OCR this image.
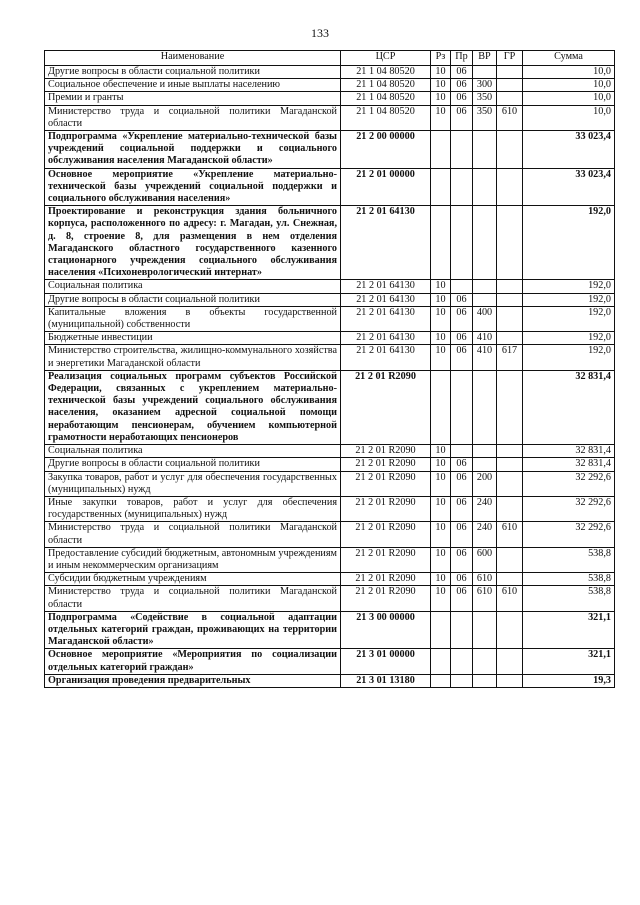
133
Наименование	ЦСР	Рз	Пр	ВР	ГР	Сумма
Другие вопросы в области социальной политики	21 1 04 80520	10	06			10,0
Социальное обеспечение и иные выплаты населению	21 1 04 80520	10	06	300		10,0
Премии и гранты	21 1 04 80520	10	06	350		10,0
Министерство труда и социальной политики Магаданской области	21 1 04 80520	10	06	350	610	10,0
Подпрограмма «Укрепление материально-технической базы учреждений социальной поддержки и социального обслуживания населения Магаданской области»	21 2 00 00000					33 023,4
Основное мероприятие «Укрепление материально-технической базы учреждений социальной поддержки и социального обслуживания населения»	21 2 01 00000					33 023,4
Проектирование и реконструкция здания больничного корпуса, расположенного по адресу: г. Магадан, ул. Снежная, д. 8, строение 8, для размещения в нем отделения Магаданского областного государственного казенного стационарного учреждения социального обслуживания населения «Психоневрологический интернат»	21 2 01 64130					192,0
Социальная политика	21 2 01 64130	10				192,0
Другие вопросы в области социальной политики	21 2 01 64130	10	06			192,0
Капитальные вложения в объекты государственной (муниципальной) собственности	21 2 01 64130	10	06	400		192,0
Бюджетные инвестиции	21 2 01 64130	10	06	410		192,0
Министерство строительства, жилищно-коммунального хозяйства и энергетики Магаданской области	21 2 01 64130	10	06	410	617	192,0
Реализация социальных программ субъектов Российской Федерации, связанных с укреплением материально-технической базы учреждений социального обслуживания населения, оказанием адресной социальной помощи неработающим пенсионерам, обучением компьютерной грамотности неработающих пенсионеров	21 2 01 R2090					32 831,4
Социальная политика	21 2 01 R2090	10				32 831,4
Другие вопросы в области социальной политики	21 2 01 R2090	10	06			32 831,4
Закупка товаров, работ и услуг для обеспечения государственных (муниципальных) нужд	21 2 01 R2090	10	06	200		32 292,6
Иные закупки товаров, работ и услуг для обеспечения государственных (муниципальных) нужд	21 2 01 R2090	10	06	240		32 292,6
Министерство труда и социальной политики Магаданской области	21 2 01 R2090	10	06	240	610	32 292,6
Предоставление субсидий бюджетным, автономным учреждениям и иным некоммерческим организациям	21 2 01 R2090	10	06	600		538,8
Субсидии бюджетным учреждениям	21 2 01 R2090	10	06	610		538,8
Министерство труда и социальной политики Магаданской области	21 2 01 R2090	10	06	610	610	538,8
Подпрограмма «Содействие в социальной адаптации отдельных категорий граждан, проживающих на территории Магаданской области»	21 3 00 00000					321,1
Основное мероприятие «Мероприятия по социализации отдельных категорий граждан»	21 3 01 00000					321,1
Организация проведения предварительных	21 3 01 13180					19,3
